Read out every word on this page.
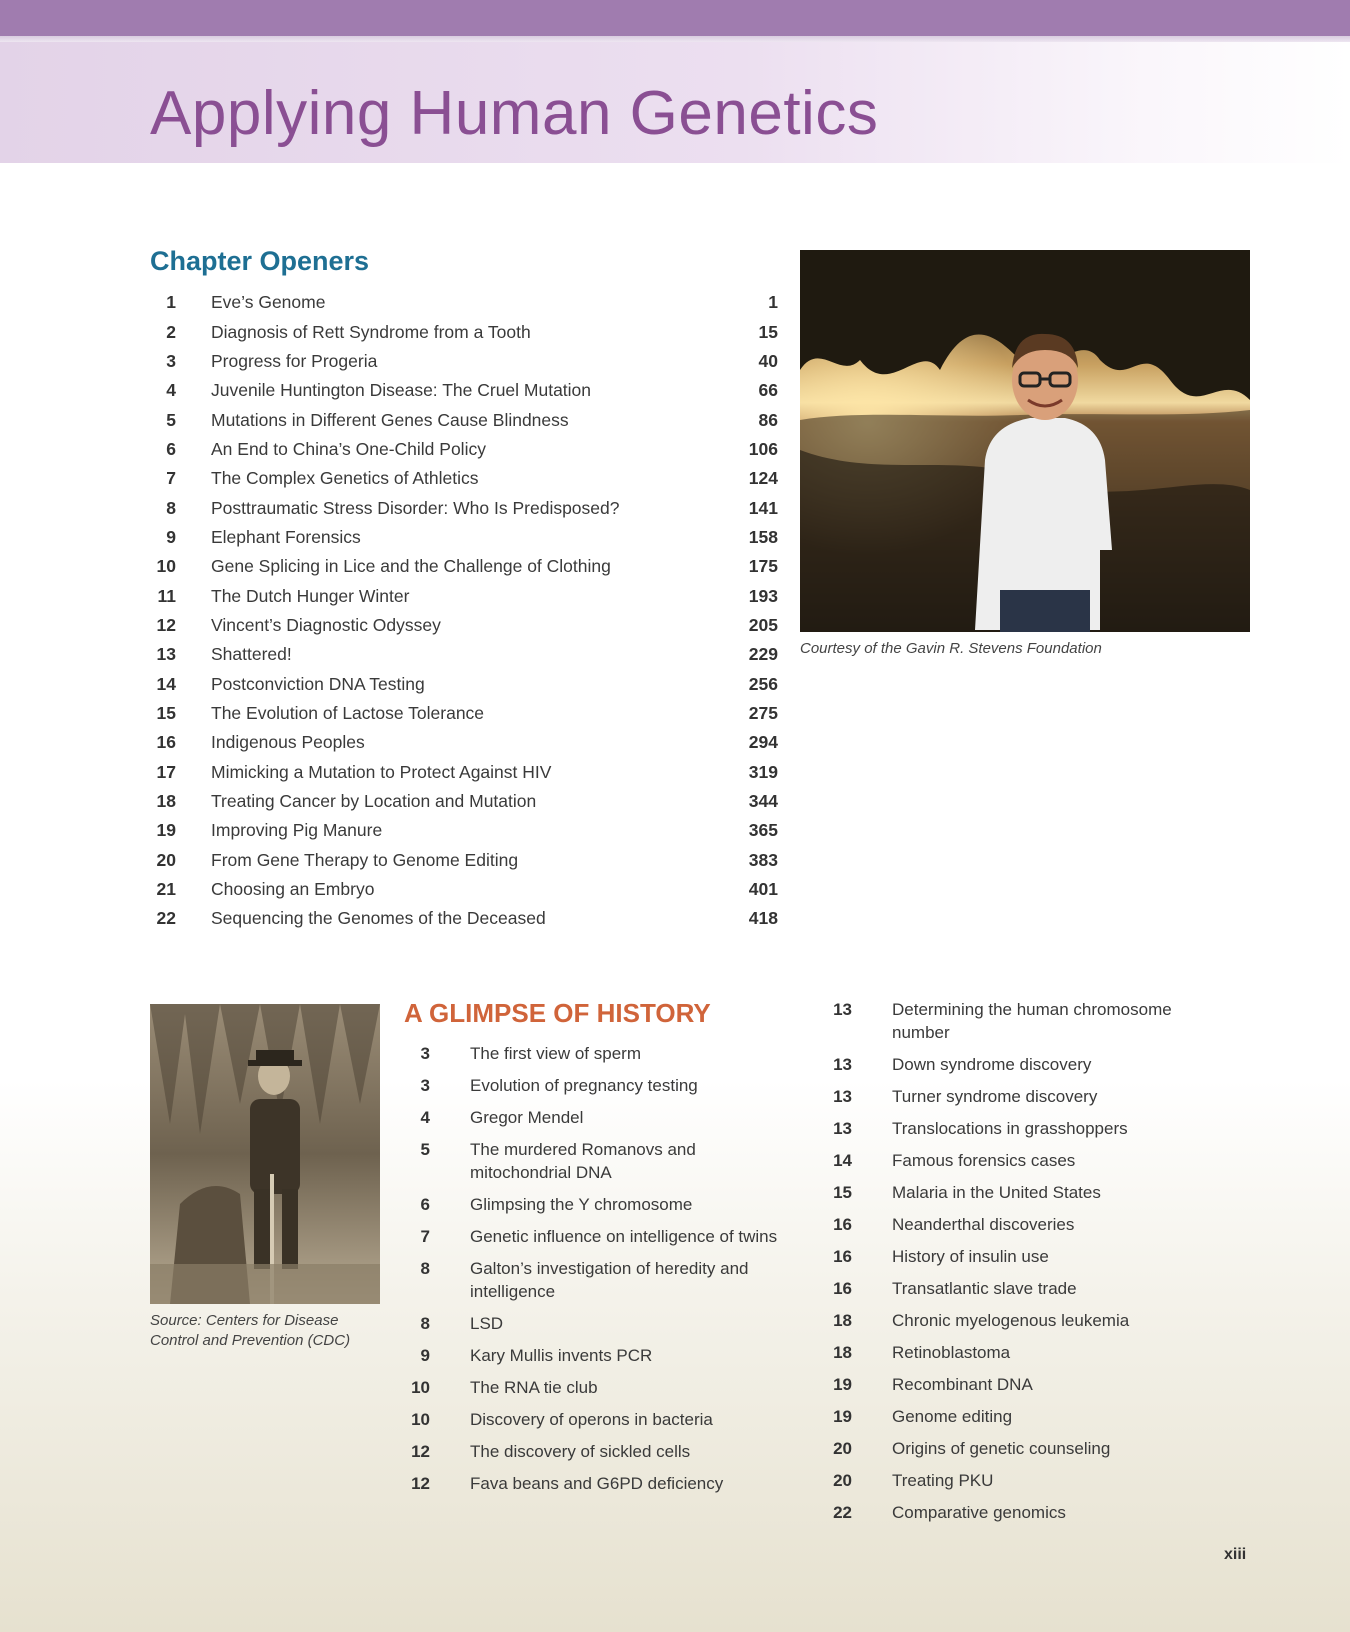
Applying Human Genetics
Chapter Openers
1	Eve’s Genome	1
2	Diagnosis of Rett Syndrome from a Tooth	15
3	Progress for Progeria	40
4	Juvenile Huntington Disease: The Cruel Mutation	66
5	Mutations in Different Genes Cause Blindness	86
6	An End to China’s One-Child Policy	106
7	The Complex Genetics of Athletics	124
8	Posttraumatic Stress Disorder: Who Is Predisposed?	141
9	Elephant Forensics	158
10	Gene Splicing in Lice and the Challenge of Clothing	175
11	The Dutch Hunger Winter	193
12	Vincent’s Diagnostic Odyssey	205
13	Shattered!	229
14	Postconviction DNA Testing	256
15	The Evolution of Lactose Tolerance	275
16	Indigenous Peoples	294
17	Mimicking a Mutation to Protect Against HIV	319
18	Treating Cancer by Location and Mutation	344
19	Improving Pig Manure	365
20	From Gene Therapy to Genome Editing	383
21	Choosing an Embryo	401
22	Sequencing the Genomes of the Deceased	418
Courtesy of the Gavin R. Stevens Foundation
Source: Centers for Disease Control and Prevention (CDC)
A GLIMPSE OF HISTORY
3	The first view of sperm
3	Evolution of pregnancy testing
4	Gregor Mendel
5	The murdered Romanovs and mitochondrial DNA
6	Glimpsing the Y chromosome
7	Genetic influence on intelligence of twins
8	Galton’s investigation of heredity and intelligence
8	LSD
9	Kary Mullis invents PCR
10	The RNA tie club
10	Discovery of operons in bacteria
12	The discovery of sickled cells
12	Fava beans and G6PD deficiency
13	Determining the human chromosome number
13	Down syndrome discovery
13	Turner syndrome discovery
13	Translocations in grasshoppers
14	Famous forensics cases
15	Malaria in the United States
16	Neanderthal discoveries
16	History of insulin use
16	Transatlantic slave trade
18	Chronic myelogenous leukemia
18	Retinoblastoma
19	Recombinant DNA
19	Genome editing
20	Origins of genetic counseling
20	Treating PKU
22	Comparative genomics
xiii
